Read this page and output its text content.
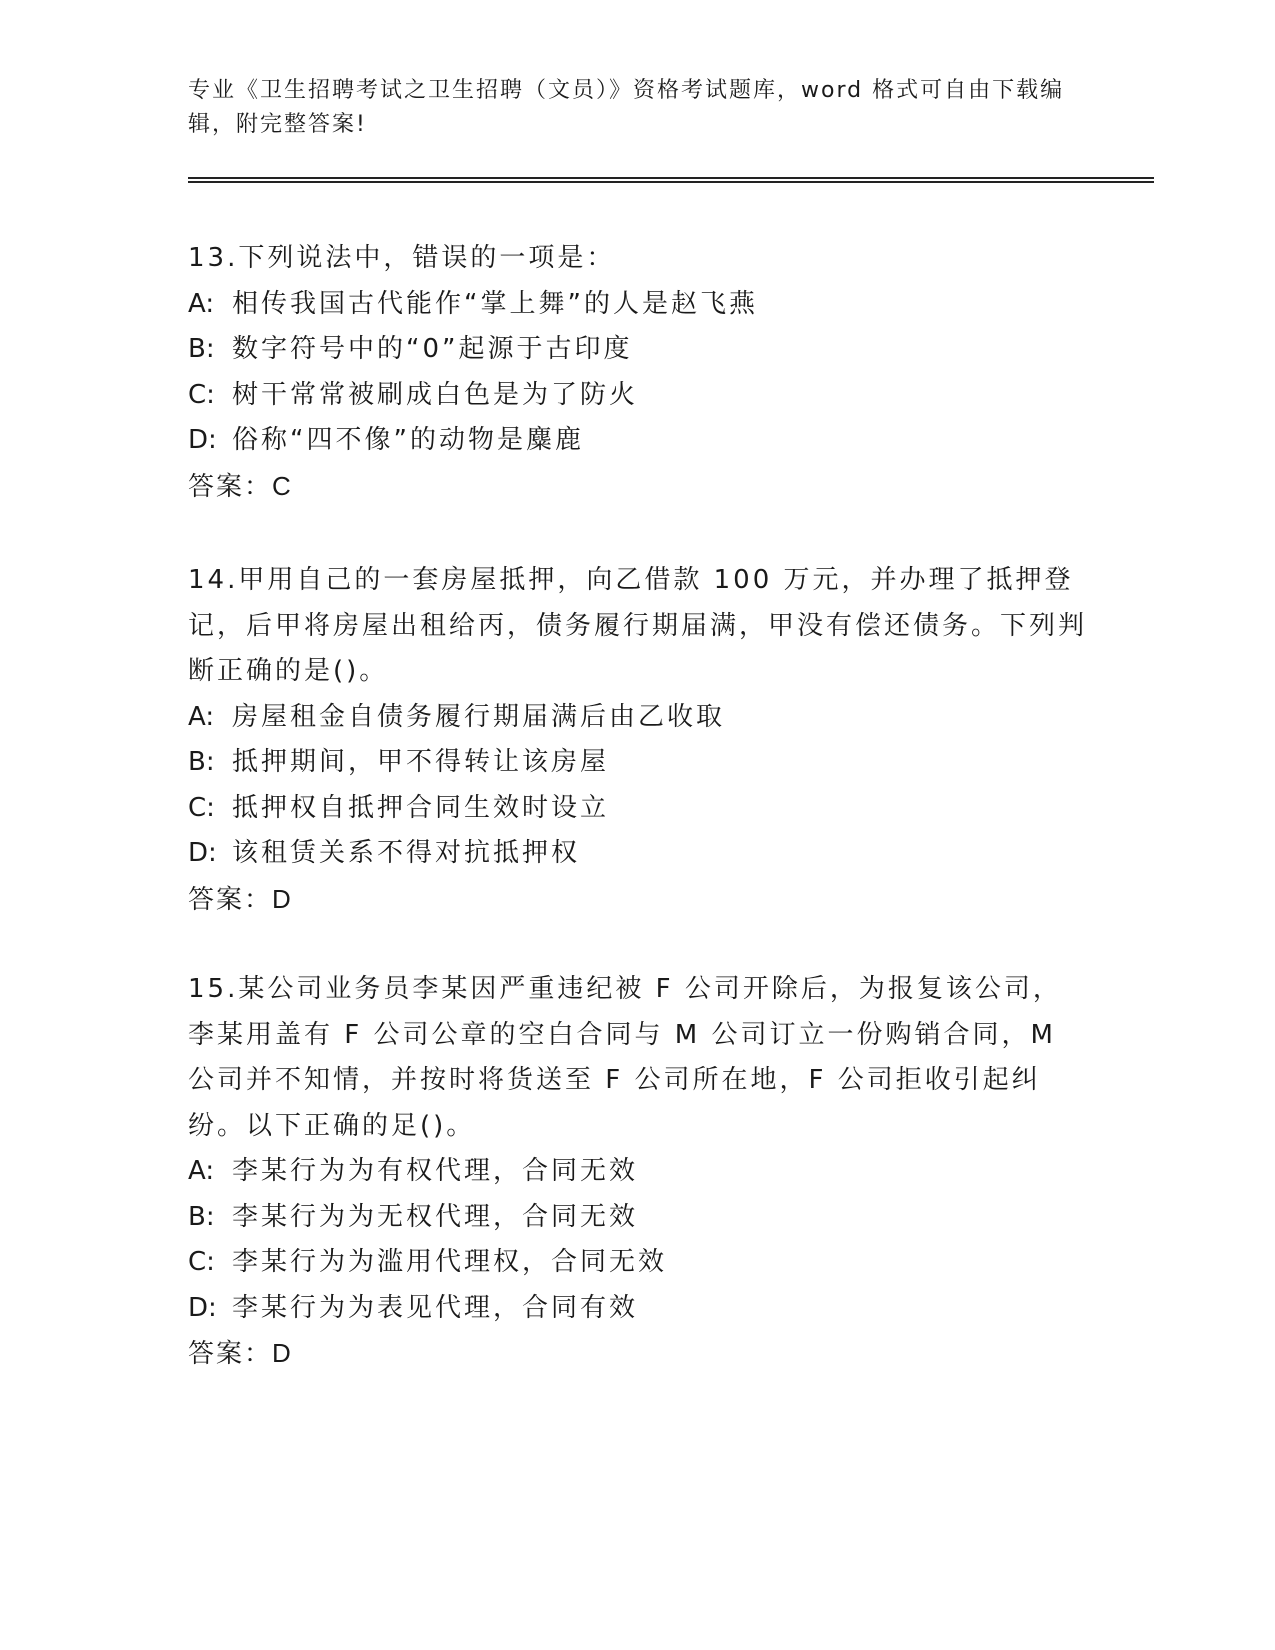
专业《卫生招聘考试之卫生招聘（文员）》资格考试题库，word 格式可自由下载编辑，附完整答案!

13.下列说法中，错误的一项是：

A: 相传我国古代能作“掌上舞”的人是赵飞燕

B: 数字符号中的“0”起源于古印度

C: 树干常常被刷成白色是为了防火

D: 俗称“四不像”的动物是麋鹿

答案：C

14.甲用自己的一套房屋抵押，向乙借款 100 万元，并办理了抵押登记，后甲将房屋出租给丙，债务履行期届满，甲没有偿还债务。下列判断正确的是()。

A: 房屋租金自债务履行期届满后由乙收取

B: 抵押期间，甲不得转让该房屋

C: 抵押权自抵押合同生效时设立

D: 该租赁关系不得对抗抵押权

答案：D

15.某公司业务员李某因严重违纪被 F 公司开除后，为报复该公司，李某用盖有 F 公司公章的空白合同与 M 公司订立一份购销合同，M 公司并不知情，并按时将货送至 F 公司所在地，F 公司拒收引起纠纷。以下正确的足()。

A: 李某行为为有权代理，合同无效

B: 李某行为为无权代理，合同无效

C: 李某行为为滥用代理权，合同无效

D: 李某行为为表见代理，合同有效

答案：D
